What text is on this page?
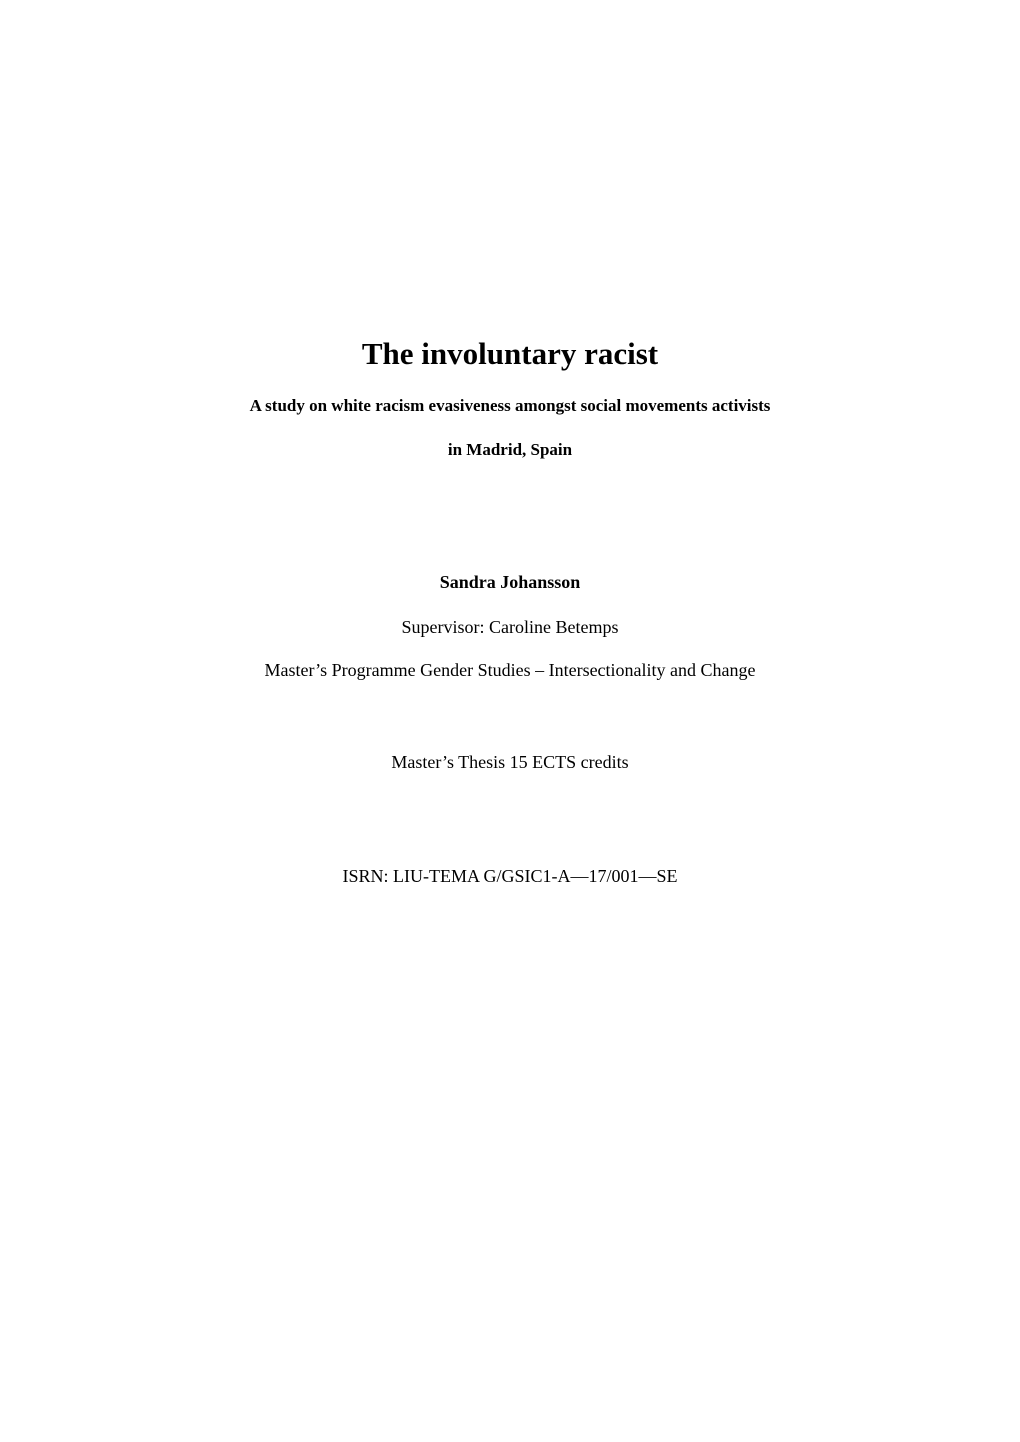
The involuntary racist
A study on white racism evasiveness amongst social movements activists
in Madrid, Spain
Sandra Johansson
Supervisor: Caroline Betemps
Master’s Programme Gender Studies – Intersectionality and Change
Master’s Thesis 15 ECTS credits
ISRN: LIU-TEMA G/GSIC1-A—17/001—SE
